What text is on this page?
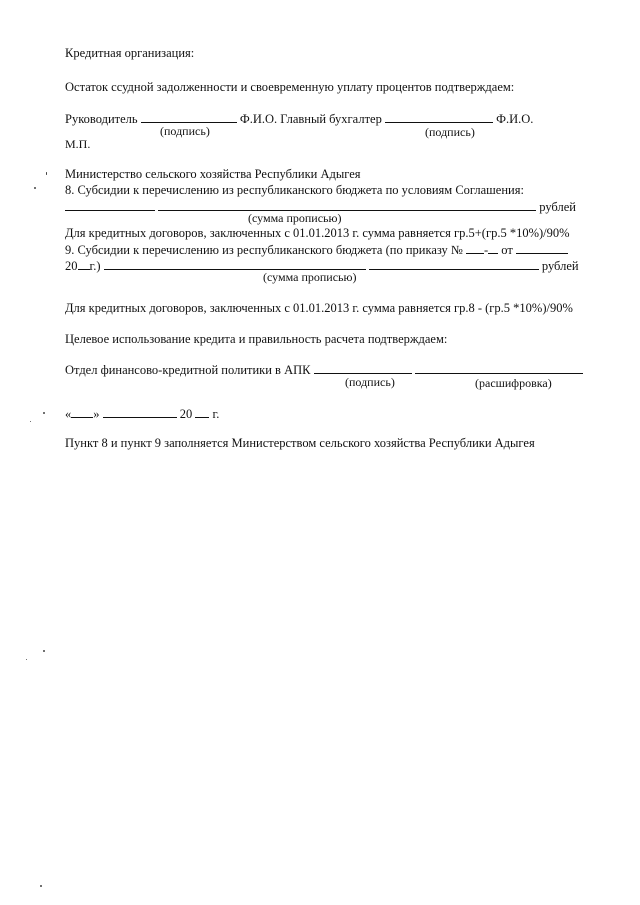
Кредитная организация:
Остаток ссудной задолженности и своевременную уплату процентов подтверждаем:
Руководитель	Ф.И.О. Главный бухгалтер	Ф.И.О.
(подпись)	(подпись)
М.П.
Министерство сельского хозяйства Республики Адыгея
8. Субсидии к перечислению из республиканского бюджета по условиям Соглашения:
рублей
(сумма прописью)
Для кредитных договоров, заключенных с 01.01.2013 г. сумма равняется гр.5+(гр.5 *10%)/90%
9. Субсидии к перечислению из республиканского бюджета (по приказу № - от
20 г.)	рублей
(сумма прописью)
Для кредитных договоров, заключенных с 01.01.2013 г. сумма равняется гр.8 - (гр.5 *10%)/90%
Целевое использование кредита и правильность расчета подтверждаем:
Отдел финансово-кредитной политики в АПК
(подпись)	(расшифровка)
« »	20 г.
Пункт 8 и пункт 9 заполняется Министерством сельского хозяйства Республики Адыгея
